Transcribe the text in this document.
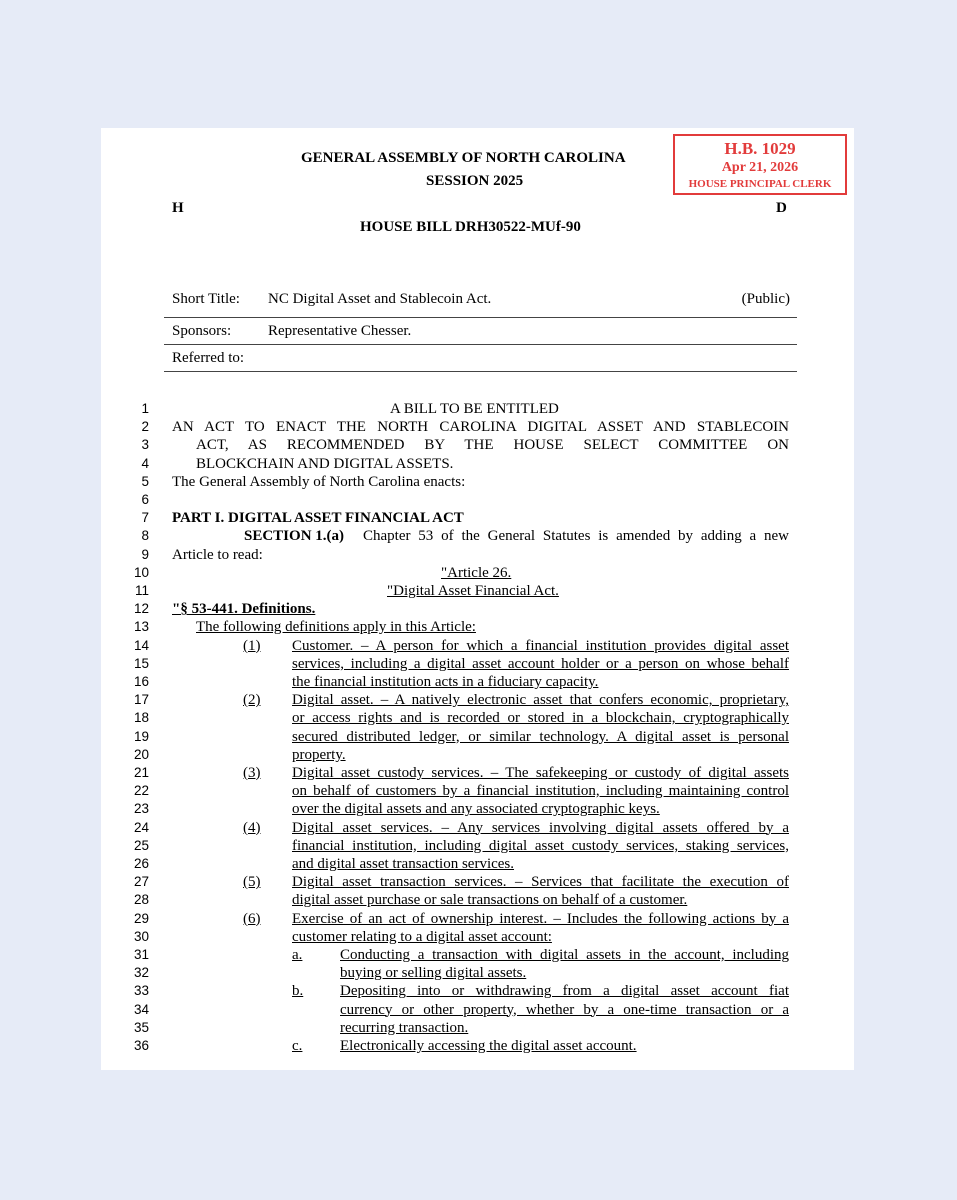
GENERAL ASSEMBLY OF NORTH CAROLINA
SESSION 2025
H	D
HOUSE BILL DRH30522-MUf-90
H.B. 1029
Apr 21, 2026
HOUSE PRINCIPAL CLERK
Short Title: NC Digital Asset and Stablecoin Act.	(Public)
Sponsors: Representative Chesser.
Referred to:
1	A BILL TO BE ENTITLED
2 AN ACT TO ENACT THE NORTH CAROLINA DIGITAL ASSET AND STABLECOIN
3	ACT, AS RECOMMENDED BY THE HOUSE SELECT COMMITTEE ON
4	BLOCKCHAIN AND DIGITAL ASSETS.
5 The General Assembly of North Carolina enacts:
6
7 PART I. DIGITAL ASSET FINANCIAL ACT
8	SECTION 1.(a) Chapter 53 of the General Statutes is amended by adding a new
9 Article to read:
10	"Article 26.
11	"Digital Asset Financial Act.
12 "§ 53-441. Definitions.
13	The following definitions apply in this Article:
14	(1) Customer. – A person for which a financial institution provides digital asset
15	services, including a digital asset account holder or a person on whose behalf
16	the financial institution acts in a fiduciary capacity.
17	(2) Digital asset. – A natively electronic asset that confers economic, proprietary,
18	or access rights and is recorded or stored in a blockchain, cryptographically
19	secured distributed ledger, or similar technology. A digital asset is personal
20	property.
21	(3) Digital asset custody services. – The safekeeping or custody of digital assets
22	on behalf of customers by a financial institution, including maintaining control
23	over the digital assets and any associated cryptographic keys.
24	(4) Digital asset services. – Any services involving digital assets offered by a
25	financial institution, including digital asset custody services, staking services,
26	and digital asset transaction services.
27	(5) Digital asset transaction services. – Services that facilitate the execution of
28	digital asset purchase or sale transactions on behalf of a customer.
29	(6) Exercise of an act of ownership interest. – Includes the following actions by a
30	customer relating to a digital asset account:
31	a.	Conducting a transaction with digital assets in the account, including
32	buying or selling digital assets.
33	b. Depositing into or withdrawing from a digital asset account fiat
34	currency or other property, whether by a one-time transaction or a
35	recurring transaction.
36	c.	Electronically accessing the digital asset account.
